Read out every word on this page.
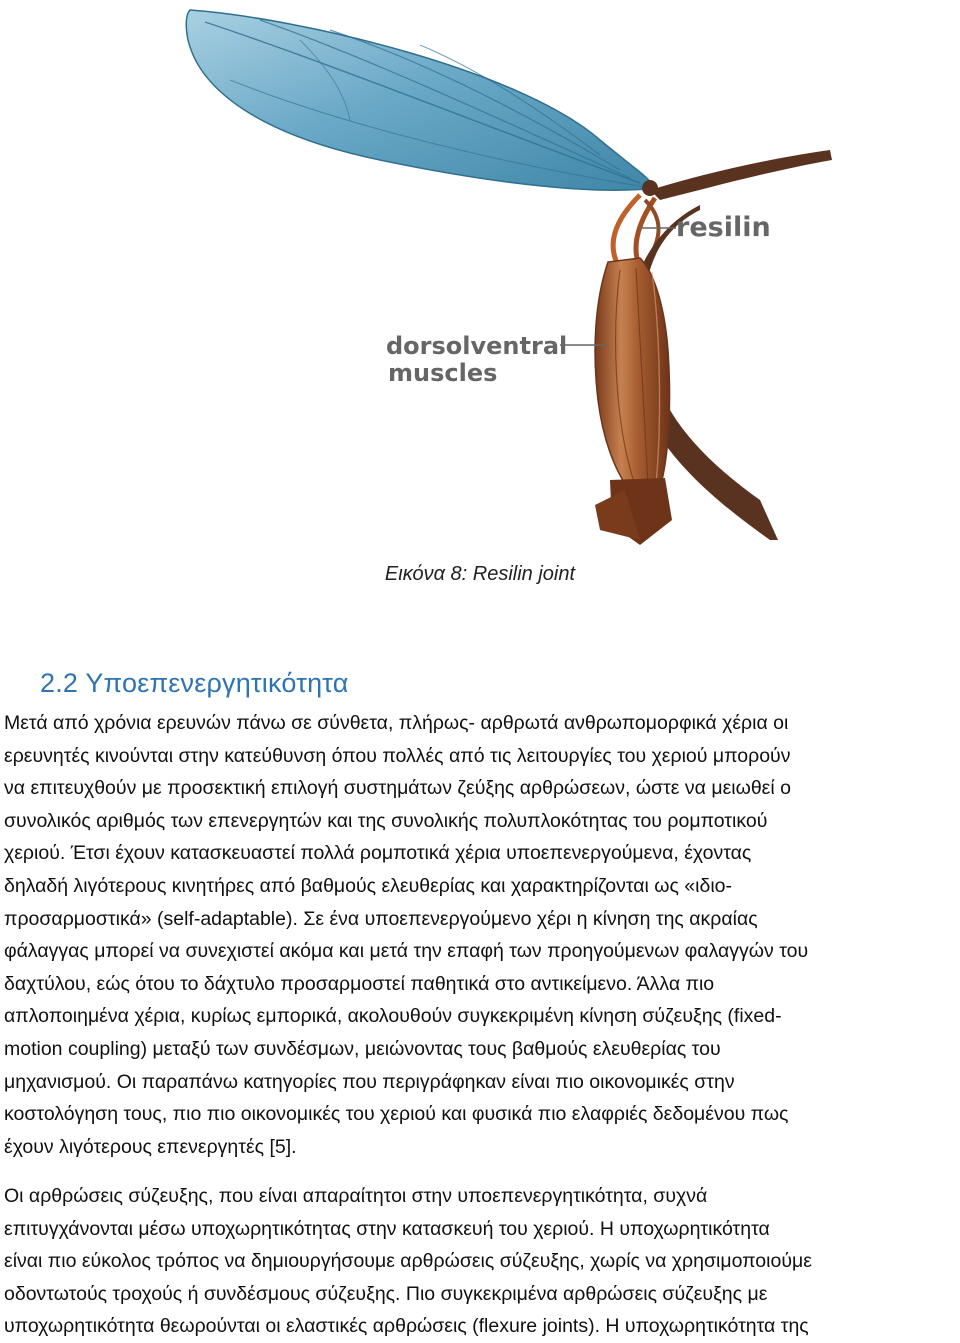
resilin
dorsolventral
muscles
Εικόνα 8: Resilin joint
2.2 Υποεπενεργητικότητα

Μετά από χρόνια ερευνών πάνω σε σύνθετα, πλήρως- αρθρωτά ανθρωπομορφικά χέρια οι
ερευνητές κινούνται στην κατεύθυνση όπου πολλές από τις λειτουργίες του χεριού μπορούν
να επιτευχθούν με προσεκτική επιλογή συστημάτων ζεύξης αρθρώσεων, ώστε να μειωθεί ο
συνολικός αριθμός των επενεργητών και της συνολικής πολυπλοκότητας του ρομποτικού
χεριού. Έτσι έχουν κατασκευαστεί πολλά ρομποτικά χέρια υποεπενεργούμενα, έχοντας
δηλαδή λιγότερους κινητήρες από βαθμούς ελευθερίας και χαρακτηρίζονται ως «ιδιο-
προσαρμοστικά» (self-adaptable). Σε ένα υποεπενεργούμενο χέρι η κίνηση της ακραίας
φάλαγγας μπορεί να συνεχιστεί ακόμα και μετά την επαφή των προηγούμενων φαλαγγών του
δαχτύλου, εώς ότου το δάχτυλο προσαρμοστεί παθητικά στο αντικείμενο. Άλλα πιο
απλοποιημένα χέρια, κυρίως εμπορικά, ακολουθούν συγκεκριμένη κίνηση σύζευξης (fixed-
motion coupling) μεταξύ των συνδέσμων, μειώνοντας τους βαθμούς ελευθερίας του
μηχανισμού. Οι παραπάνω κατηγορίες που περιγράφηκαν είναι πιο οικονομικές στην
κοστολόγηση τους, πιο πιο οικονομικές του χεριού και φυσικά πιο ελαφριές δεδομένου πως
έχουν λιγότερους επενεργητές [5].

Οι αρθρώσεις σύζευξης, που είναι απαραίτητοι στην υποεπενεργητικότητα, συχνά
επιτυγχάνονται μέσω υποχωρητικότητας στην κατασκευή του χεριού. Η υποχωρητικότητα
είναι πιο εύκολος τρόπος να δημιουργήσουμε αρθρώσεις σύζευξης, χωρίς να χρησιμοποιούμε
οδοντωτούς τροχούς ή συνδέσμους σύζευξης. Πιο συγκεκριμένα αρθρώσεις σύζευξης με
υποχωρητικότητα θεωρούνται οι ελαστικές αρθρώσεις (flexure joints). Η υποχωρητικότητα της
